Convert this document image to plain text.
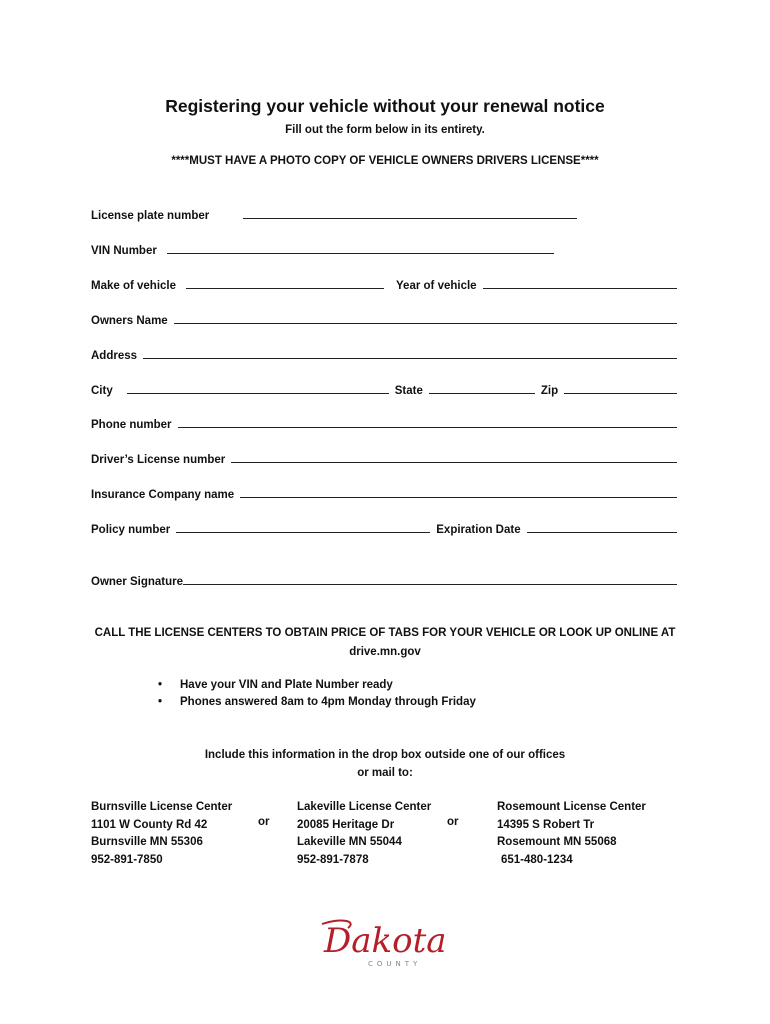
Registering your vehicle without your renewal notice
Fill out the form below in its entirety.
****MUST HAVE A PHOTO COPY OF VEHICLE OWNERS DRIVERS LICENSE****
License plate number
VIN Number
Make of vehicle	Year of vehicle
Owners Name
Address
City	State	Zip
Phone number
Driver’s License number
Insurance Company name
Policy number	Expiration Date
Owner Signature
CALL THE LICENSE CENTERS TO OBTAIN PRICE OF TABS FOR YOUR VEHICLE OR LOOK UP ONLINE AT
drive.mn.gov
•	Have your VIN and Plate Number ready
•	Phones answered 8am to 4pm Monday through Friday
Include this information in the drop box outside one of our offices
or mail to:
Burnsville License Center
1101 W County Rd 42
Burnsville MN 55306
952-891-7850
or
Lakeville License Center
20085 Heritage Dr
Lakeville MN 55044
952-891-7878
or
Rosemount License Center
14395 S Robert Tr
Rosemount MN 55068
651-480-1234
Dakota
COUNTY
